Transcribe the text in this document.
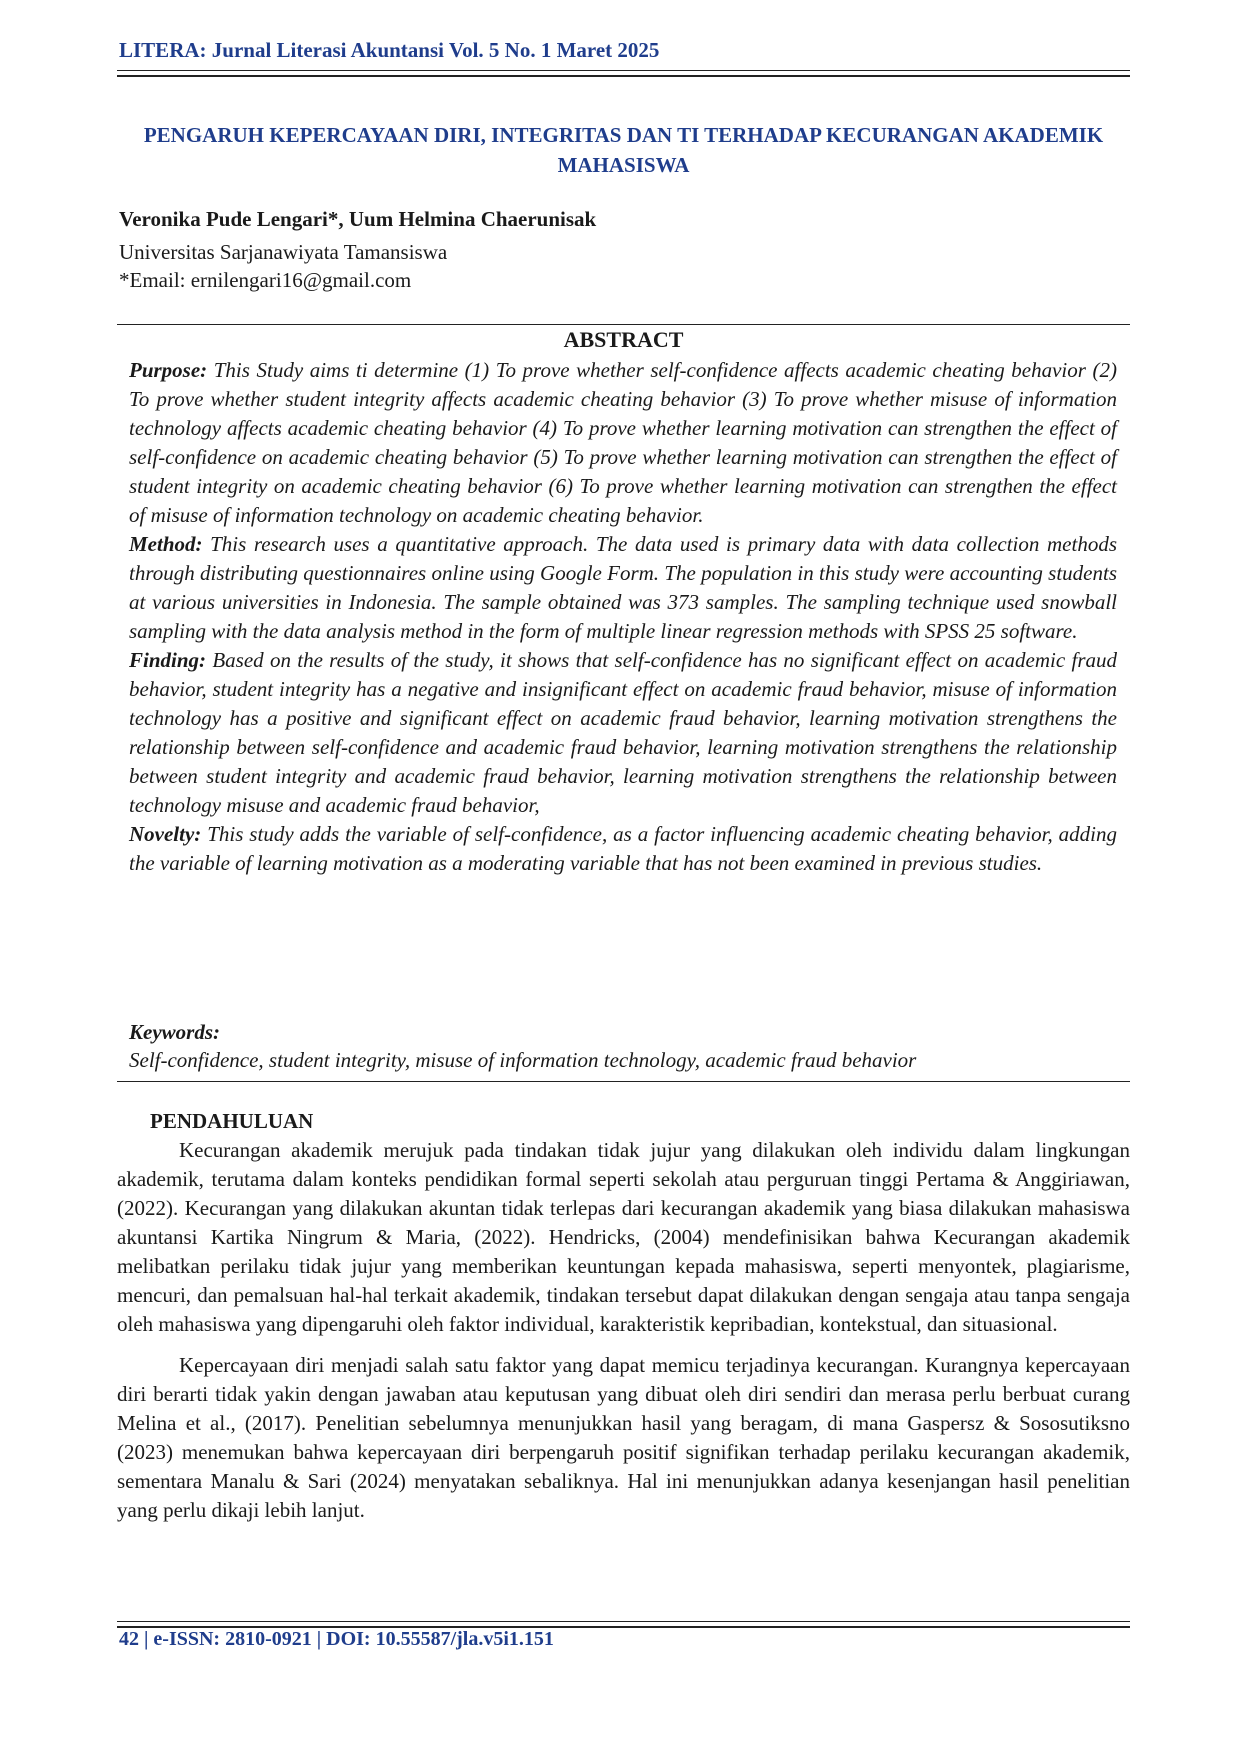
LITERA: Jurnal Literasi Akuntansi Vol. 5 No. 1 Maret 2025
PENGARUH KEPERCAYAAN DIRI, INTEGRITAS DAN TI TERHADAP KECURANGAN AKADEMIK MAHASISWA
Veronika Pude Lengari*, Uum Helmina Chaerunisak
Universitas Sarjanawiyata Tamansiswa
*Email: ernilengari16@gmail.com
ABSTRACT

Purpose: This Study aims ti determine (1) To prove whether self-confidence affects academic cheating behavior (2) To prove whether student integrity affects academic cheating behavior (3) To prove whether misuse of information technology affects academic cheating behavior (4) To prove whether learning motivation can strengthen the effect of self-confidence on academic cheating behavior (5) To prove whether learning motivation can strengthen the effect of student integrity on academic cheating behavior (6) To prove whether learning motivation can strengthen the effect of misuse of information technology on academic cheating behavior.

Method: This research uses a quantitative approach. The data used is primary data with data collection methods through distributing questionnaires online using Google Form. The population in this study were accounting students at various universities in Indonesia. The sample obtained was 373 samples. The sampling technique used snowball sampling with the data analysis method in the form of multiple linear regression methods with SPSS 25 software.

Finding: Based on the results of the study, it shows that self-confidence has no significant effect on academic fraud behavior, student integrity has a negative and insignificant effect on academic fraud behavior, misuse of information technology has a positive and significant effect on academic fraud behavior, learning motivation strengthens the relationship between self-confidence and academic fraud behavior, learning motivation strengthens the relationship between student integrity and academic fraud behavior, learning motivation strengthens the relationship between technology misuse and academic fraud behavior,

Novelty: This study adds the variable of self-confidence, as a factor influencing academic cheating behavior, adding the variable of learning motivation as a moderating variable that has not been examined in previous studies.

Keywords:
Self-confidence, student integrity, misuse of information technology, academic fraud behavior
PENDAHULUAN

Kecurangan akademik merujuk pada tindakan tidak jujur yang dilakukan oleh individu dalam lingkungan akademik, terutama dalam konteks pendidikan formal seperti sekolah atau perguruan tinggi Pertama & Anggiriawan, (2022). Kecurangan yang dilakukan akuntan tidak terlepas dari kecurangan akademik yang biasa dilakukan mahasiswa akuntansi Kartika Ningrum & Maria, (2022). Hendricks, (2004) mendefinisikan bahwa Kecurangan akademik melibatkan perilaku tidak jujur yang memberikan keuntungan kepada mahasiswa, seperti menyontek, plagiarisme, mencuri, dan pemalsuan hal-hal terkait akademik, tindakan tersebut dapat dilakukan dengan sengaja atau tanpa sengaja oleh mahasiswa yang dipengaruhi oleh faktor individual, karakteristik kepribadian, kontekstual, dan situasional.

Kepercayaan diri menjadi salah satu faktor yang dapat memicu terjadinya kecurangan. Kurangnya kepercayaan diri berarti tidak yakin dengan jawaban atau keputusan yang dibuat oleh diri sendiri dan merasa perlu berbuat curang Melina et al., (2017). Penelitian sebelumnya menunjukkan hasil yang beragam, di mana Gaspersz & Sososutiksno (2023) menemukan bahwa kepercayaan diri berpengaruh positif signifikan terhadap perilaku kecurangan akademik, sementara Manalu & Sari (2024) menyatakan sebaliknya. Hal ini menunjukkan adanya kesenjangan hasil penelitian yang perlu dikaji lebih lanjut.

42 | e-ISSN: 2810-0921 | DOI: 10.55587/jla.v5i1.151
